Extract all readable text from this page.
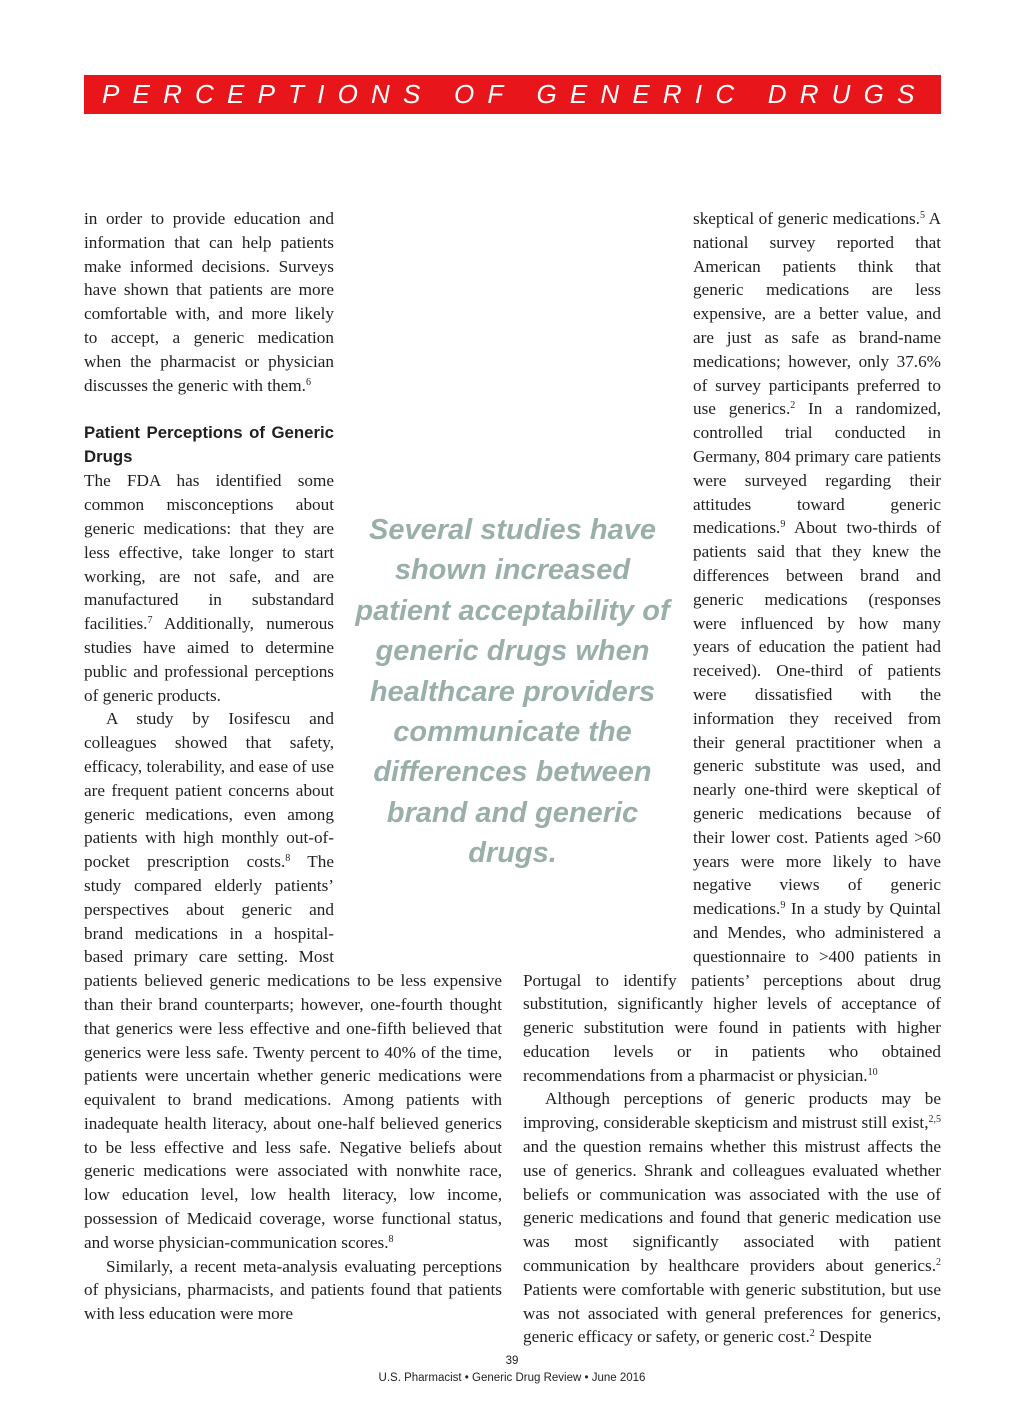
PERCEPTIONS OF GENERIC DRUGS

in order to provide education and information that can help patients make informed decisions. Surveys have shown that patients are more comfortable with, and more likely to accept, a generic medication when the pharmacist or physician discusses the generic with them.$^6$

Patient Perceptions of Generic Drugs

The FDA has identified some common misconceptions about generic medications: that they are less effective, take longer to start working, are not safe, and are manufactured in substandard facilities.$^7$ Additionally, numerous studies have aimed to determine public and professional perceptions of generic products.

A study by Iosifescu and colleagues showed that safety, efficacy, tolerability, and ease of use are frequent patient concerns about generic medications, even among patients with high monthly out-of-pocket prescription costs.$^8$ The study compared elderly patients’ perspectives about generic and brand medications in a hospital-based primary care setting. Most patients believed generic medications to be less expensive than their brand counterparts; however, one-fourth thought that generics were less effective and one-fifth believed that generics were less safe. Twenty percent to 40% of the time, patients were uncertain whether generic medications were equivalent to brand medications. Among patients with inadequate health literacy, about one-half believed generics to be less effective and less safe. Negative beliefs about generic medications were associated with nonwhite race, low education level, low health literacy, low income, possession of Medicaid coverage, worse functional status, and worse physician-communication scores.$^8$

Similarly, a recent meta-analysis evaluating perceptions of physicians, pharmacists, and patients found that patients with less education were more

skeptical of generic medications.$^5$ A national survey reported that American patients think that generic medications are less expensive, are a better value, and are just as safe as brand-name medications; however, only 37.6% of survey participants preferred to use generics.$^2$ In a randomized, controlled trial conducted in Germany, 804 primary care patients were surveyed regarding their attitudes toward generic medications.$^9$ About two-thirds of patients said that they knew the differences between brand and generic medications (responses were influenced by how many years of education the patient had received). One-third of patients were dissatisfied with the information they received from their general practitioner when a generic substitute was used, and nearly one-third were skeptical of generic medications because of their lower cost. Patients aged >60 years were more likely to have negative views of generic medications.$^9$ In a study by Quintal and Mendes, who administered a questionnaire to >400 patients in Portugal to identify patients’ perceptions about drug substitution, significantly higher levels of acceptance of generic substitution were found in patients with higher education levels or in patients who obtained recommendations from a pharmacist or physician.$^{10}$

Although perceptions of generic products may be improving, considerable skepticism and mistrust still exist,$^{2,5}$ and the question remains whether this mistrust affects the use of generics. Shrank and colleagues evaluated whether beliefs or communication was associated with the use of generic medications and found that generic medication use was most significantly associated with patient communication by healthcare providers about generics.$^2$ Patients were comfortable with generic substitution, but use was not associated with general preferences for generics, generic efficacy or safety, or generic cost.$^2$ Despite

Several studies have shown increased patient acceptability of generic drugs when healthcare providers communicate the differences between brand and generic drugs.
39
U.S. Pharmacist • Generic Drug Review • June 2016
